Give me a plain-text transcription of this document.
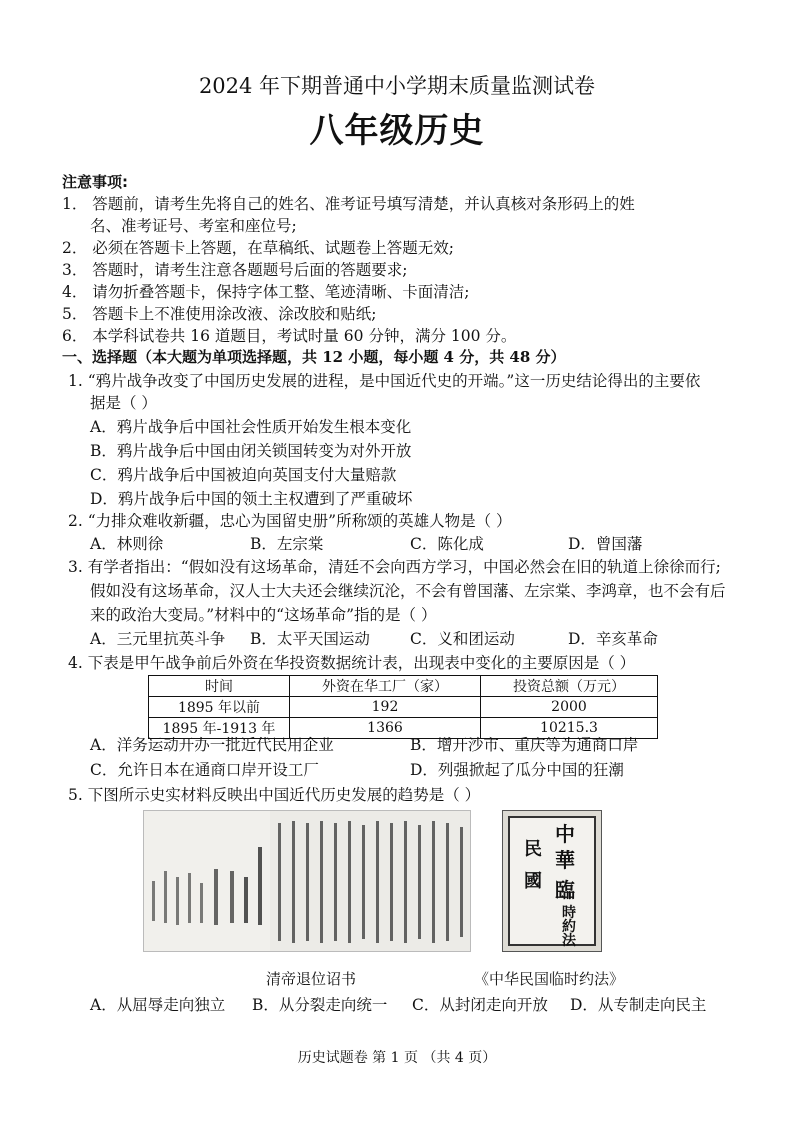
2024 年下期普通中小学期末质量监测试卷
八年级历史
注意事项:
1． 答题前，请考生先将自己的姓名、准考证号填写清楚，并认真核对条形码上的姓
名、准考证号、考室和座位号;
2． 必须在答题卡上答题，在草稿纸、试题卷上答题无效;
3． 答题时，请考生注意各题题号后面的答题要求;
4． 请勿折叠答题卡，保持字体工整、笔迹清晰、卡面清洁;
5． 答题卡上不准使用涂改液、涂改胶和贴纸;
6． 本学科试卷共 16 道题目，考试时量 60 分钟，满分 100 分。
一、选择题（本大题为单项选择题，共 12 小题，每小题 4 分，共 48 分）
1. “鸦片战争改变了中国历史发展的进程，是中国近代史的开端。”这一历史结论得出的主要依
据是（ ）
A．鸦片战争后中国社会性质开始发生根本变化
B．鸦片战争后中国由闭关锁国转变为对外开放
C．鸦片战争后中国被迫向英国支付大量赔款
D．鸦片战争后中国的领土主权遭到了严重破坏
2. “力排众难收新疆，忠心为国留史册”所称颂的英雄人物是（ ）
A．林则徐	B．左宗棠	C．陈化成	D．曾国藩
3. 有学者指出：“假如没有这场革命，清廷不会向西方学习，中国必然会在旧的轨道上徐徐而行;
假如没有这场革命，汉人士大夫还会继续沉沦，不会有曾国藩、左宗棠、李鸿章，也不会有后
来的政治大变局。”材料中的“这场革命”指的是（ ）
A．三元里抗英斗争 B．太平天国运动	C．义和团运动	D．辛亥革命
4. 下表是甲午战争前后外资在华投资数据统计表，出现表中变化的主要原因是（ ）
时间	外资在华工厂（家）	投资总额（万元）
1895 年以前	192	2000
1895 年-1913 年	1366	10215.3
A．洋务运动开办一批近代民用企业	B．增开沙市、重庆等为通商口岸
C．允许日本在通商口岸开设工厂	D．列强掀起了瓜分中国的狂潮
5. 下图所示史实材料反映出中国近代历史发展的趋势是（ ）
中
華
民
國 臨
時
約
法
清帝退位诏书	《中华民国临时约法》
A．从屈辱走向独立 B．从分裂走向统一 C．从封闭走向开放 D．从专制走向民主
历史试题卷 第 1 页 （共 4 页）
